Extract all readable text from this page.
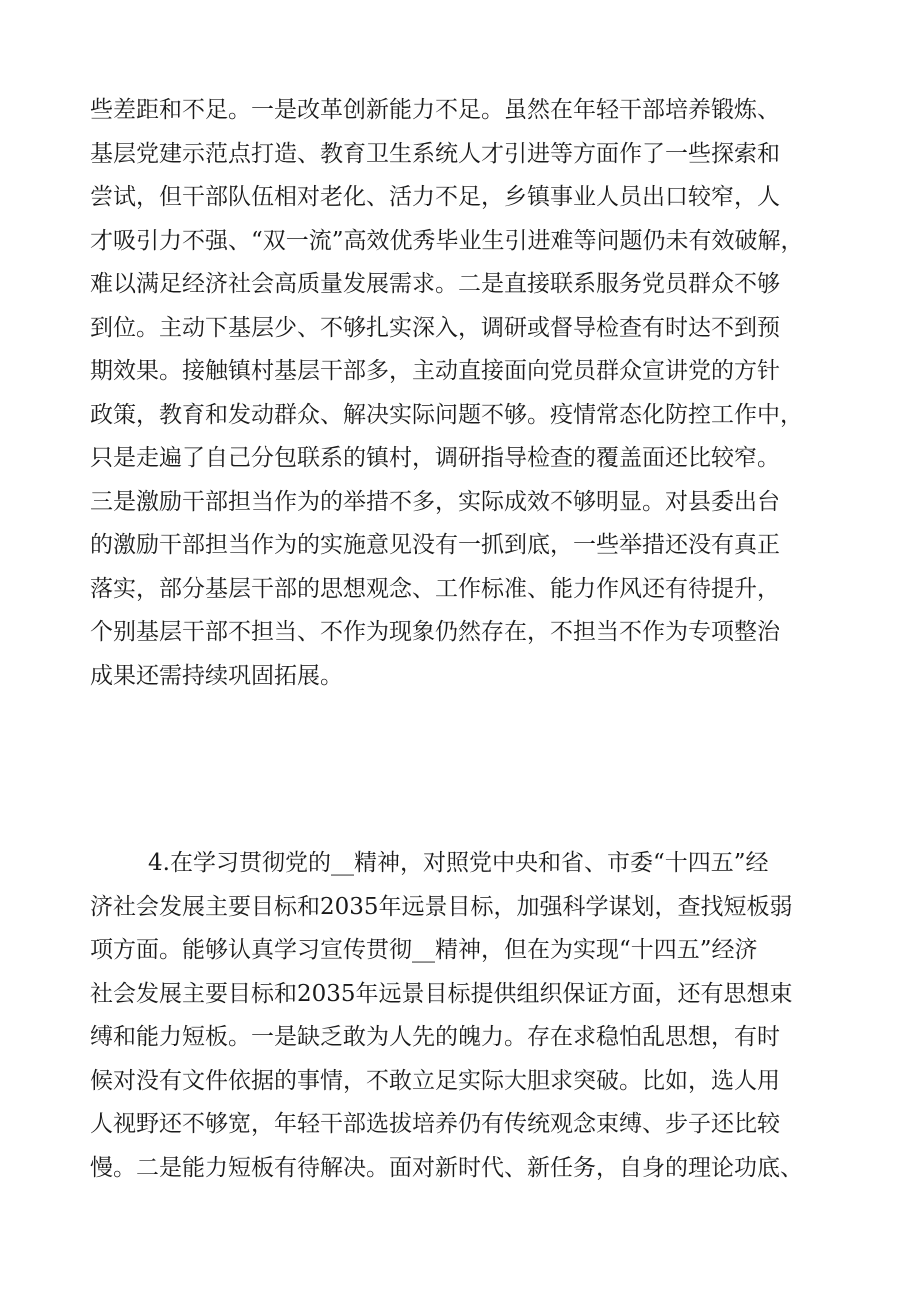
些差距和不足。一是改革创新能力不足。虽然在年轻干部培养锻炼、
基层党建示范点打造、教育卫生系统人才引进等方面作了一些探索和
尝试，但干部队伍相对老化、活力不足，乡镇事业人员出口较窄，人
才吸引力不强、“双一流”高效优秀毕业生引进难等问题仍未有效破解，
难以满足经济社会高质量发展需求。二是直接联系服务党员群众不够
到位。主动下基层少、不够扎实深入，调研或督导检查有时达不到预
期效果。接触镇村基层干部多，主动直接面向党员群众宣讲党的方针
政策，教育和发动群众、解决实际问题不够。疫情常态化防控工作中，
只是走遍了自己分包联系的镇村，调研指导检查的覆盖面还比较窄。
三是激励干部担当作为的举措不多，实际成效不够明显。对县委出台
的激励干部担当作为的实施意见没有一抓到底，一些举措还没有真正
落实，部分基层干部的思想观念、工作标准、能力作风还有待提升，
个别基层干部不担当、不作为现象仍然存在，不担当不作为专项整治
成果还需持续巩固拓展。
4.在学习贯彻党的__精神，对照党中央和省、市委“十四五”经
济社会发展主要目标和2035年远景目标，加强科学谋划，查找短板弱
项方面。能够认真学习宣传贯彻__精神，但在为实现“十四五”经济
社会发展主要目标和2035年远景目标提供组织保证方面，还有思想束
缚和能力短板。一是缺乏敢为人先的魄力。存在求稳怕乱思想，有时
候对没有文件依据的事情，不敢立足实际大胆求突破。比如，选人用
人视野还不够宽，年轻干部选拔培养仍有传统观念束缚、步子还比较
慢。二是能力短板有待解决。面对新时代、新任务，自身的理论功底、
